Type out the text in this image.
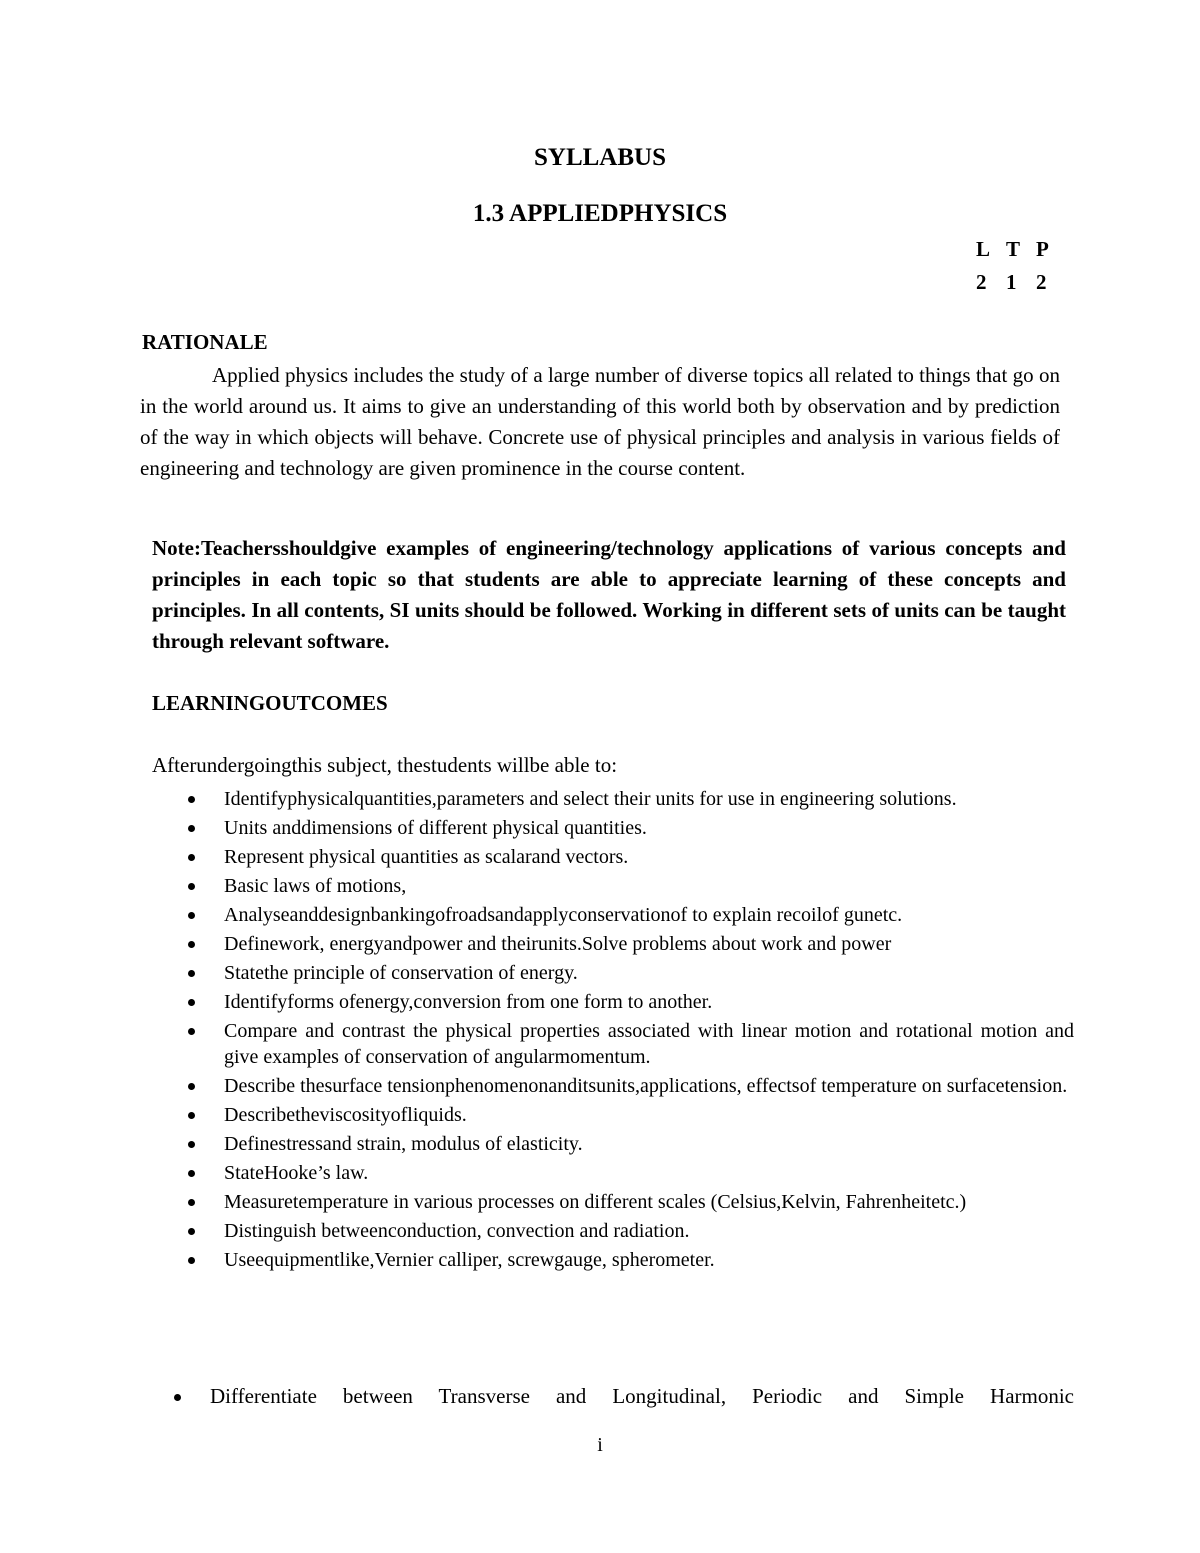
SYLLABUS
1.3 APPLIEDPHYSICS
L T P
2 1 2
RATIONALE
Applied physics includes the study of a large number of diverse topics all related to things that go on in the world around us. It aims to give an understanding of this world both by observation and by prediction of the way in which objects will behave. Concrete use of physical principles and analysis in various fields of engineering and technology are given prominence in the course content.
Note:Teachersshouldgive examples of engineering/technology applications of various concepts and principles in each topic so that students are able to appreciate learning of these concepts and principles. In all contents, SI units should be followed. Working in different sets of units can be taught through relevant software.
LEARNINGOUTCOMES
Afterundergoingthis subject, thestudents willbe able to:
Identifyphysicalquantities,parameters and select their units for use in engineering solutions.
Units anddimensions of different physical quantities.
Represent physical quantities as scalarand vectors.
Basic laws of motions,
Analyseanddesignbankingofroadsandapplyconservationof to explain recoilof gunetc.
Definework, energyandpower and theirunits.Solve problems about work and power
Statethe principle of conservation of energy.
Identifyforms ofenergy,conversion from one form to another.
Compare and contrast the physical properties associated with linear motion and rotational motion and give examples of conservation of angularmomentum.
Describe thesurface tensionphenomenonanditsunits,applications, effectsof temperature on surfacetension.
Describetheviscosityofliquids.
Definestressand strain, modulus of elasticity.
StateHooke’s law.
Measuretemperature in various processes on different scales (Celsius,Kelvin, Fahrenheitetc.)
Distinguish betweenconduction, convection and radiation.
Useequipmentlike,Vernier calliper, screwgauge, spherometer.
Differentiate between Transverse and Longitudinal, Periodic and Simple Harmonic
i
